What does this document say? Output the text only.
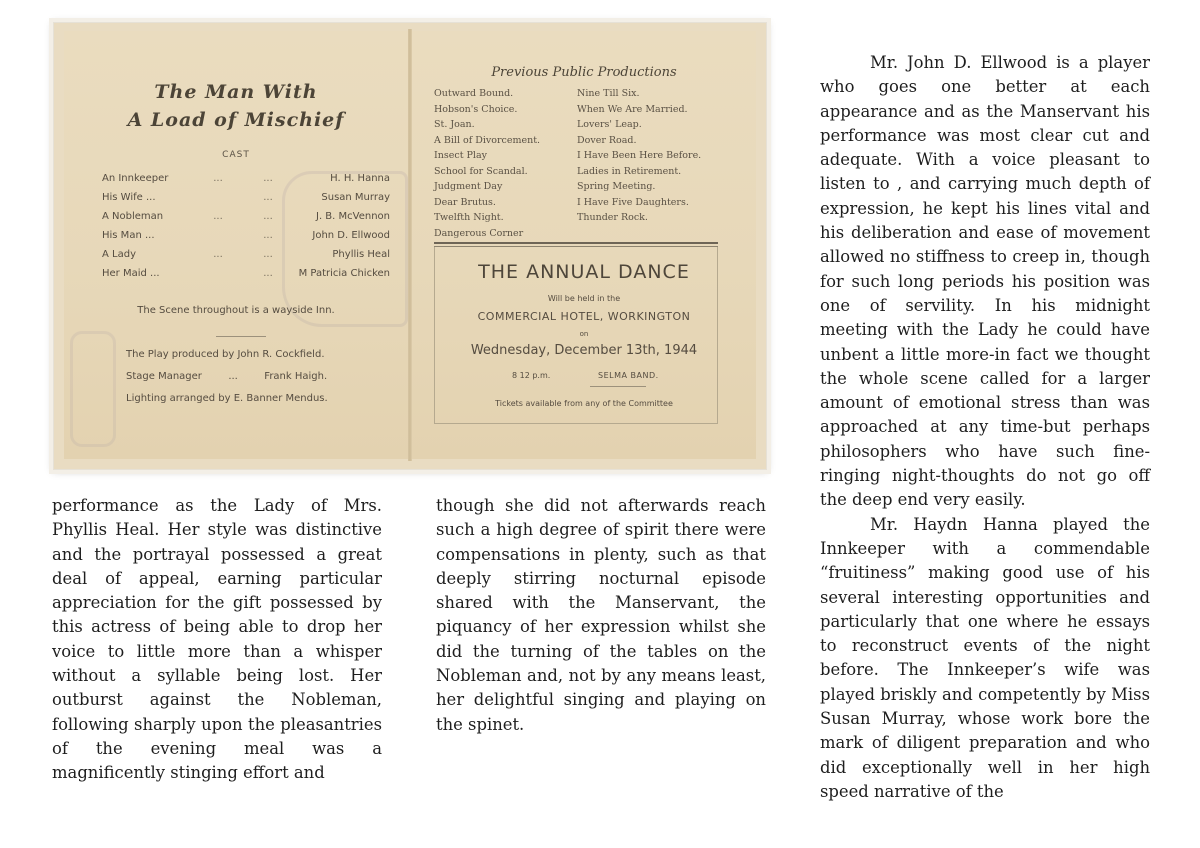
The Man With
A Load of Mischief
CAST
An Innkeeper	...	...	H. H. Hanna
His Wife ...		...	Susan Murray
A Nobleman	...	...	J. B. McVennon
His Man ...		...	John D. Ellwood
A Lady	...	...	Phyllis Heal
Her Maid ...		...	M Patricia Chicken
The Scene throughout is a wayside Inn.
The Play produced by John R. Cockfield.
Stage Manager	...	Frank Haigh.
Lighting arranged by E. Banner Mendus.
Previous Public Productions
Outward Bound.
Hobson's Choice.
St. Joan.
A Bill of Divorcement.
Insect Play
School for Scandal.
Judgment Day
Dear Brutus.
Twelfth Night.
Dangerous Corner
Nine Till Six.
When We Are Married.
Lovers' Leap.
Dover Road.
I Have Been Here Before.
Ladies in Retirement.
Spring Meeting.
I Have Five Daughters.
Thunder Rock.
THE ANNUAL DANCE
Will be held in the
COMMERCIAL HOTEL, WORKINGTON
on
Wednesday, December 13th, 1944
8 12 p.m.	SELMA BAND.
Tickets available from any of the Committee

performance as the Lady of Mrs. Phyllis Heal. Her style was distinctive and the portrayal possessed a great deal of appeal, earning particular appreciation for the gift possessed by this actress of being able to drop her voice to little more than a whisper without a syllable being lost. Her outburst against the Nobleman, following sharply upon the pleasantries of the evening meal was a magnificently stinging effort and

though she did not afterwards reach such a high degree of spirit there were compensations in plenty, such as that deeply stirring nocturnal episode shared with the Manservant, the piquancy of her expression whilst she did the turning of the tables on the Nobleman and, not by any means least, her delightful singing and playing on the spinet.

Mr. John D. Ellwood is a player who goes one better at each appearance and as the Manservant his performance was most clear cut and adequate. With a voice pleasant to listen to , and carrying much depth of expression, he kept his lines vital and his deliberation and ease of movement allowed no stiffness to creep in, though for such long periods his position was one of servility. In his midnight meeting with the Lady he could have unbent a little more-in fact we thought the whole scene called for a larger amount of emotional stress than was approached at any time-but perhaps philosophers who have such fine-ringing night-thoughts do not go off the deep end very easily.

Mr. Haydn Hanna played the Innkeeper with a commendable “fruitiness” making good use of his several interesting opportunities and particularly that one where he essays to reconstruct events of the night before. The Innkeeper’s wife was played briskly and competently by Miss Susan Murray, whose work bore the mark of diligent preparation and who did exceptionally well in her high speed narrative of the
